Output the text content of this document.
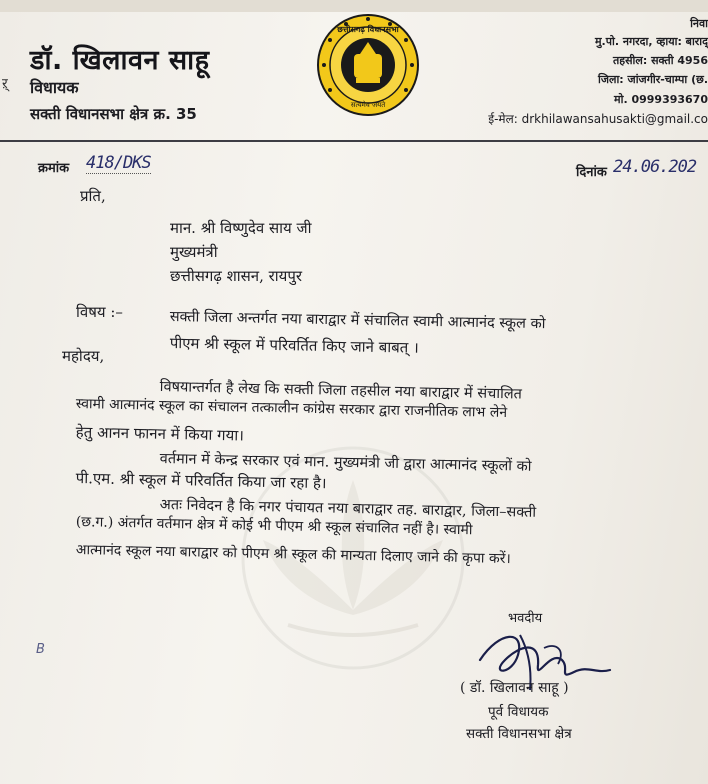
डॉ. खिलावन साहू
ऱ् विधायक
सक्ती विधानसभा क्षेत्र क्र. 35
छत्तीसगढ़ विधानसभा
सत्यमेव जयते
निवा
मु.पो. नगरदा, व्हाया: बाराद्
तहसील: सक्ती 4956
जिला: जांजगीर-चाम्पा (छ.
मो. 0999393670
ई-मेल: drkhilawansahusakti@gmail.co
क्रमांक 418/DKS	दिनांक 24.06.202
प्रति,
मान. श्री विष्णुदेव साय जी
मुख्यमंत्री
छत्तीसगढ़ शासन, रायपुर
विषय :–	सक्ती जिला अन्तर्गत नया बाराद्वार में संचालित स्वामी आत्मानंद स्कूल को
पीएम श्री स्कूल में परिवर्तित किए जाने बाबत् ।
महोदय,
विषयान्तर्गत है लेख कि सक्ती जिला तहसील नया बाराद्वार में संचालित
स्वामी आत्मानंद स्कूल का संचालन तत्कालीन कांग्रेस सरकार द्वारा राजनीतिक लाभ लेने
हेतु आनन फानन में किया गया।
वर्तमान में केन्द्र सरकार एवं मान. मुख्यमंत्री जी द्वारा आत्मानंद स्कूलों को
पी.एम. श्री स्कूल में परिवर्तित किया जा रहा है।
अतः निवेदन है कि नगर पंचायत नया बाराद्वार तह. बाराद्वार, जिला–सक्ती
(छ.ग.) अंतर्गत वर्तमान क्षेत्र में कोई भी पीएम श्री स्कूल संचालित नहीं है। स्वामी
आत्मानंद स्कूल नया बाराद्वार को पीएम श्री स्कूल की मान्यता दिलाए जाने की कृपा करें।
B
भवदीय
( डॉ. खिलावन साहू )
पूर्व विधायक
सक्ती विधानसभा क्षेत्र
